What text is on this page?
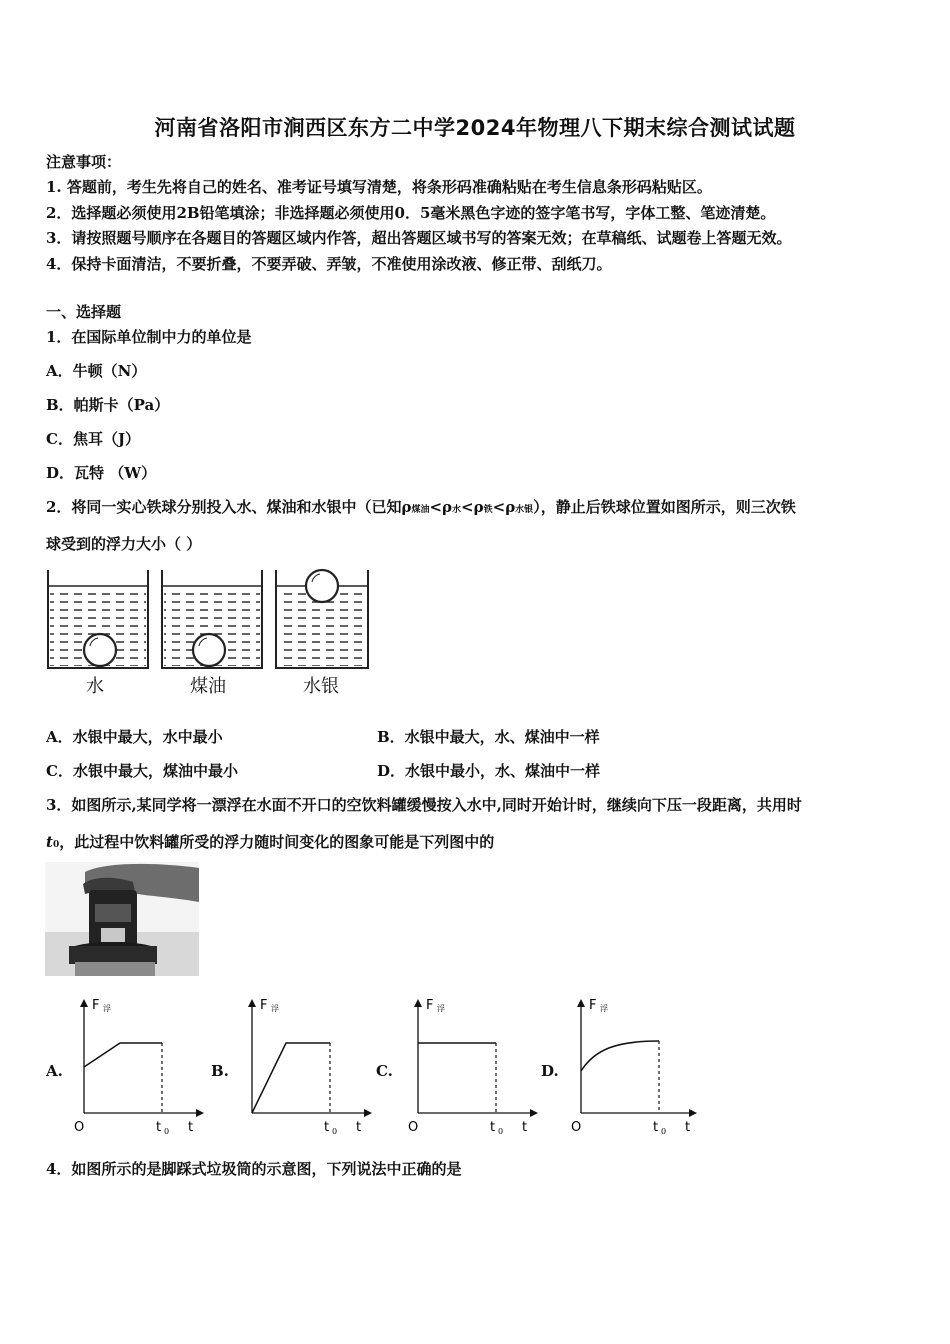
河南省洛阳市涧西区东方二中学2024年物理八下期末综合测试试题
注意事项：
1. 答题前，考生先将自己的姓名、准考证号填写清楚，将条形码准确粘贴在考生信息条形码粘贴区。
2．选择题必须使用2B铅笔填涂；非选择题必须使用0．5毫米黑色字迹的签字笔书写，字体工整、笔迹清楚。
3．请按照题号顺序在各题目的答题区域内作答，超出答题区域书写的答案无效；在草稿纸、试题卷上答题无效。
4．保持卡面清洁，不要折叠，不要弄破、弄皱，不准使用涂改液、修正带、刮纸刀。
一、选择题
1．在国际单位制中力的单位是
A．牛顿（N）
B．帕斯卡（Pa）
C．焦耳（J）
D．瓦特 （W）
2．将同一实心铁球分别投入水、煤油和水银中（已知ρ煤油<ρ水<ρ铁<ρ水银），静止后铁球位置如图所示，则三次铁
球受到的浮力大小（ ）
水	煤油	水银
A．水银中最大，水中最小	B．水银中最大，水、煤油中一样
C．水银中最大，煤油中最小	D．水银中最小，水、煤油中一样
3．如图所示,某同学将一漂浮在水面不开口的空饮料罐缓慢按入水中,同时开始计时，继续向下压一段距离，共用时
t0，此过程中饮料罐所受的浮力随时间变化的图象可能是下列图中的
A.	B.	C.	D.
F 浮
O	t 0 t
F 浮
t 0 t
F 浮
O	t 0 t
F 浮
O	t 0 t
4．如图所示的是脚踩式垃圾筒的示意图，下列说法中正确的是
